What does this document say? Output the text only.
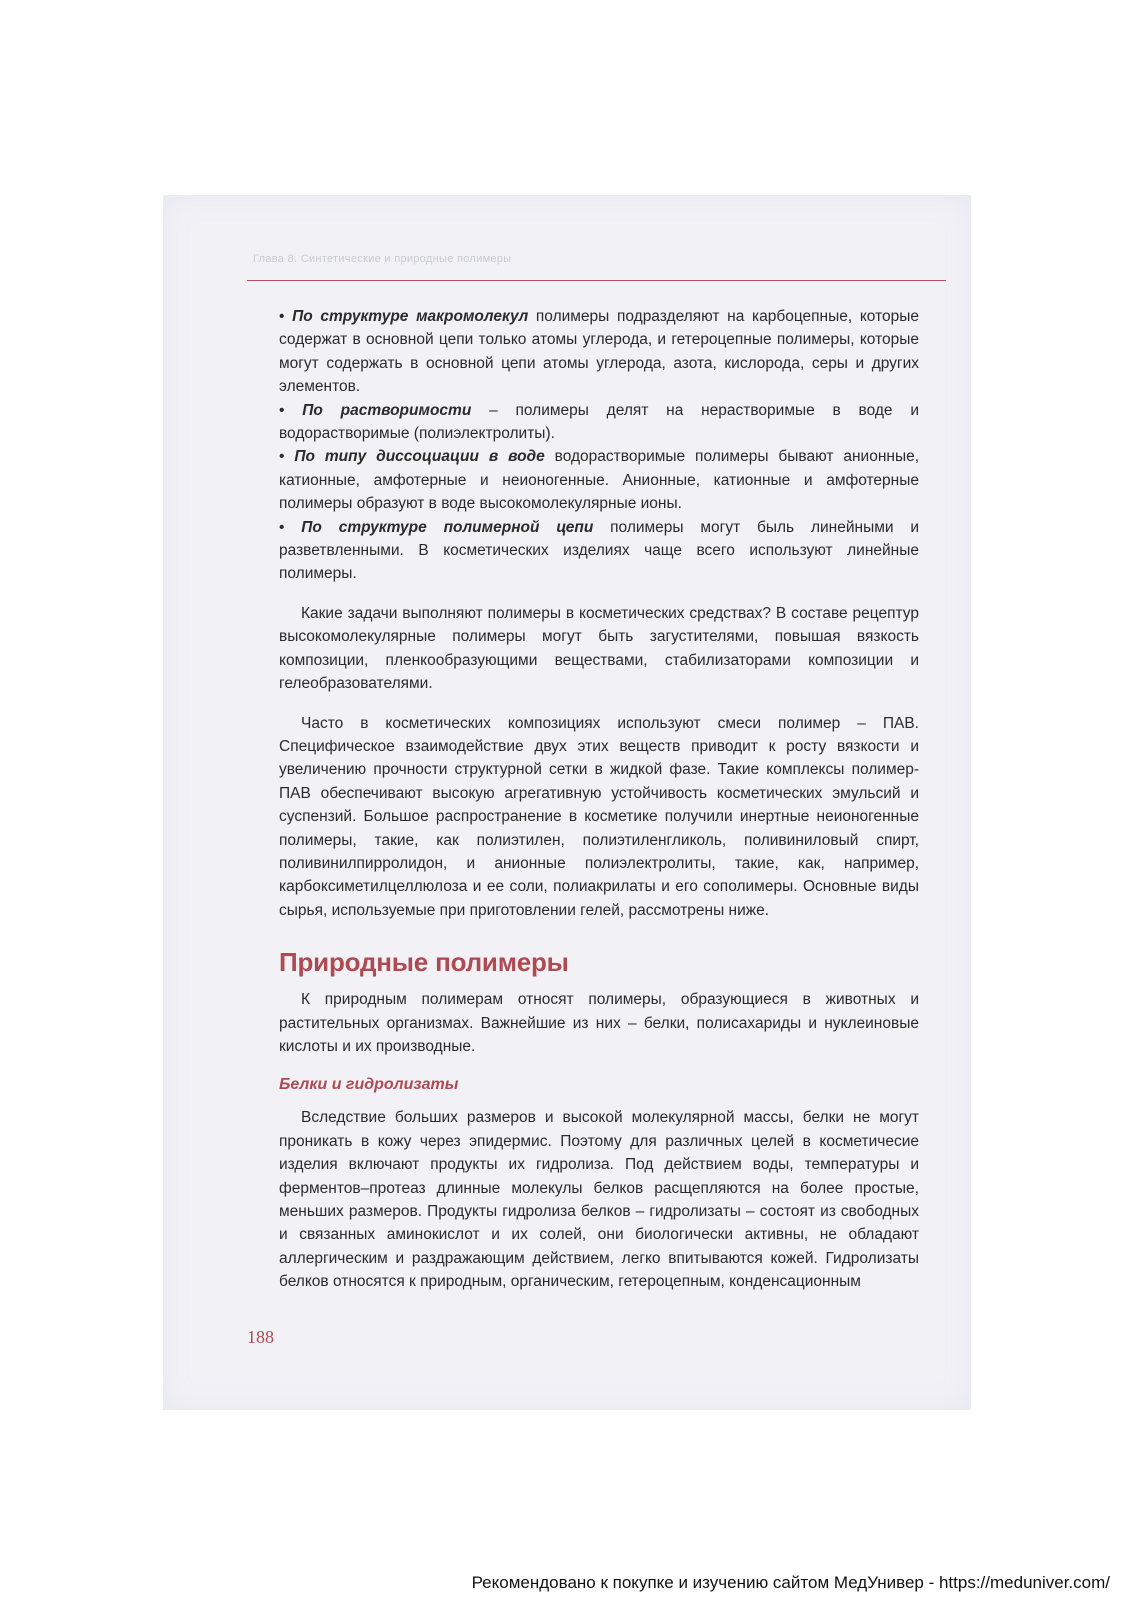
Глава 8. Синтетические и природные полимеры

• По структуре макромолекул полимеры подразделяют на карбоцепные, которые содержат в основной цепи только атомы углерода, и гетероцепные полимеры, которые могут содержать в основной цепи атомы углерода, азота, кислорода, серы и других элементов.

• По растворимости – полимеры делят на нерастворимые в воде и водорастворимые (полиэлектролиты).

• По типу диссоциации в воде водорастворимые полимеры бывают анионные, катионные, амфотерные и неионогенные. Анионные, катионные и амфотерные полимеры образуют в воде высокомолекулярные ионы.

• По структуре полимерной цепи полимеры могут быль линейными и разветвленными. В косметических изделиях чаще всего используют линейные полимеры.

Какие задачи выполняют полимеры в косметических средствах? В составе рецептур высокомолекулярные полимеры могут быть загустителями, повышая вязкость композиции, пленкообразующими веществами, стабилизаторами композиции и гелеобразователями.

Часто в косметических композициях используют смеси полимер – ПАВ. Специфическое взаимодействие двух этих веществ приводит к росту вязкости и увеличению прочности структурной сетки в жидкой фазе. Такие комплексы полимер-ПАВ обеспечивают высокую агрегативную устойчивость косметических эмульсий и суспензий. Большое распространение в косметике получили инертные неионогенные полимеры, такие, как полиэтилен, полиэтиленгликоль, поливиниловый спирт, поливинилпирролидон, и анионные полиэлектролиты, такие, как, например, карбоксиметилцеллюлоза и ее соли, полиакрилаты и его сополимеры. Основные виды сырья, используемые при приготовлении гелей, рассмотрены ниже.

Природные полимеры

К природным полимерам относят полимеры, образующиеся в животных и растительных организмах. Важнейшие из них – белки, полисахариды и нуклеиновые кислоты и их производные.

Белки и гидролизаты

Вследствие больших размеров и высокой молекулярной массы, белки не могут проникать в кожу через эпидермис. Поэтому для различных целей в косметичесие изделия включают продукты их гидролиза. Под действием воды, температуры и ферментов–протеаз длинные молекулы белков расщепляются на более простые, меньших размеров. Продукты гидролиза белков – гидролизаты – состоят из свободных и связанных аминокислот и их солей, они биологически активны, не обладают аллергическим и раздражающим действием, легко впитываются кожей. Гидролизаты белков относятся к природным, органическим, гетероцепным, конденсационным

188
Рекомендовано к покупке и изучению сайтом МедУнивер - https://meduniver.com/
